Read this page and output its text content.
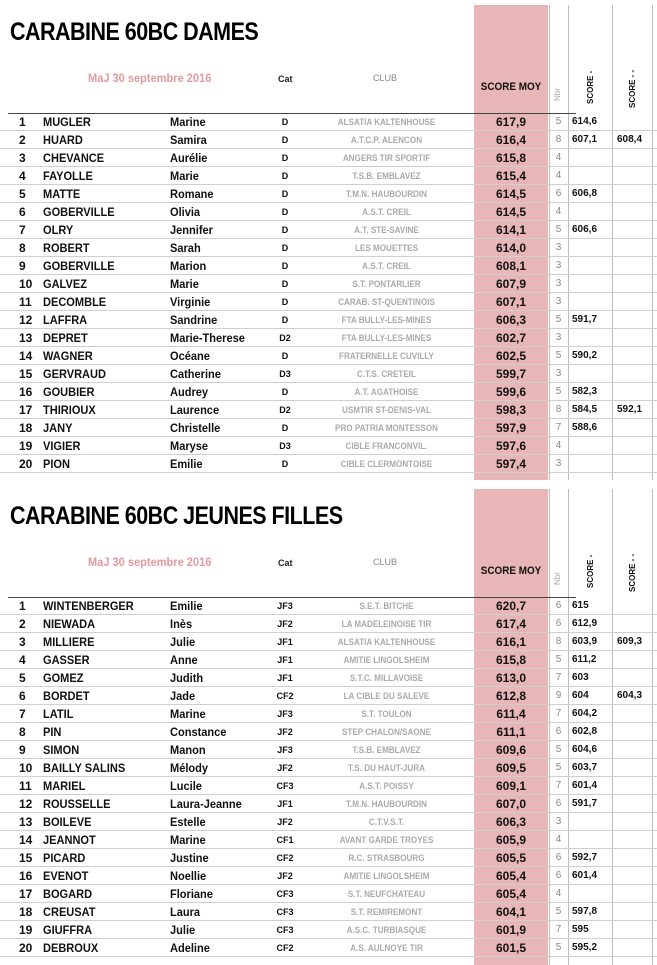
CARABINE 60BC DAMES
MaJ 30 septembre 2016	Cat	CLUB
SCORE MOY
Nbr	SCORE -	SCORE - -
1 MUGLER	Marine	D	ALSATIA KALTENHOUSE	617,9	5	614,6
2 HUARD	Samira	D	A.T.C.P. ALENCON	616,4	8	607,1 608,4
3 CHEVANCE	Aurélie	D	ANGERS TIR SPORTIF	615,8	4
4 FAYOLLE	Marie	D	T.S.B. EMBLAVEZ	615,4	4
5 MATTE	Romane	D	T.M.N. HAUBOURDIN	614,5	6	606,8
6 GOBERVILLE	Olivia	D	A.S.T. CREIL	614,5	4
7 OLRY	Jennifer	D	A.T. STE-SAVINE	614,1	5	606,6
8 ROBERT	Sarah	D	LES MOUETTES	614,0	3
9 GOBERVILLE	Marion	D	A.S.T. CREIL	608,1	3
10 GALVEZ	Marie	D	S.T. PONTARLIER	607,9	3
11 DECOMBLE	Virginie	D	CARAB. ST-QUENTINOIS	607,1	3
12 LAFFRA	Sandrine	D	FTA BULLY-LES-MINES	606,3	5	591,7
13 DEPRET	Marie-Therese	D2	FTA BULLY-LES-MINES	602,7	3
14 WAGNER	Océane	D	FRATERNELLE CUVILLY	602,5	5	590,2
15 GERVRAUD	Catherine	D3	C.T.S. CRETEIL	599,7	3
16 GOUBIER	Audrey	D	A.T. AGATHOISE	599,6	5	582,3
17 THIRIOUX	Laurence	D2	USMTIR ST-DENIS-VAL	598,3	8	584,5 592,1
18 JANY	Christelle	D	PRO PATRIA MONTESSON	597,9	7	588,6
19 VIGIER	Maryse	D3	CIBLE FRANCONVIL.	597,6	4
20 PION	Emilie	D	CIBLE CLERMONTOISE	597,4	3
CARABINE 60BC JEUNES FILLES
MaJ 30 septembre 2016	Cat	CLUB
SCORE MOY
Nbr	SCORE -	SCORE - -
1 WINTENBERGER	Emilie	JF3	S.E.T. BITCHE	620,7	6	615
2 NIEWADA	Inès	JF2	LA MADELEINOISE TIR	617,4	6	612,9
3 MILLIERE	Julie	JF1	ALSATIA KALTENHOUSE	616,1	8	603,9 609,3
4 GASSER	Anne	JF1	AMITIE LINGOLSHEIM	615,8	5	611,2
5 GOMEZ	Judith	JF1	S.T.C. MILLAVOISE	613,0	7	603
6 BORDET	Jade	CF2	LA CIBLE DU SALEVE	612,8	9	604	604,3
7 LATIL	Marine	JF3	S.T. TOULON	611,4	7	604,2
8 PIN	Constance	JF2	STEP CHALON/SAONE	611,1	6	602,8
9 SIMON	Manon	JF3	T.S.B. EMBLAVEZ	609,6	5	604,6
10 BAILLY SALINS	Mélody	JF2	T.S. DU HAUT-JURA	609,5	5	603,7
11 MARIEL	Lucile	CF3	A.S.T. POISSY	609,1	7	601,4
12 ROUSSELLE	Laura-Jeanne	JF1	T.M.N. HAUBOURDIN	607,0	6	591,7
13 BOILEVE	Estelle	JF2	C.T.V.S.T.	606,3	3
14 JEANNOT	Marine	CF1	AVANT GARDE TROYES	605,9	4
15 PICARD	Justine	CF2	R.C. STRASBOURG	605,5	6	592,7
16 EVENOT	Noellie	JF2	AMITIE LINGOLSHEIM	605,4	6	601,4
17 BOGARD	Floriane	CF3	S.T. NEUFCHATEAU	605,4	4
18 CREUSAT	Laura	CF3	S.T. REMIREMONT	604,1	5	597,8
19 GIUFFRA	Julie	CF3	A.S.C. TURBIASQUE	601,9	7	595
20 DEBROUX	Adeline	CF2	A.S. AULNOYE TIR	601,5	5	595,2
